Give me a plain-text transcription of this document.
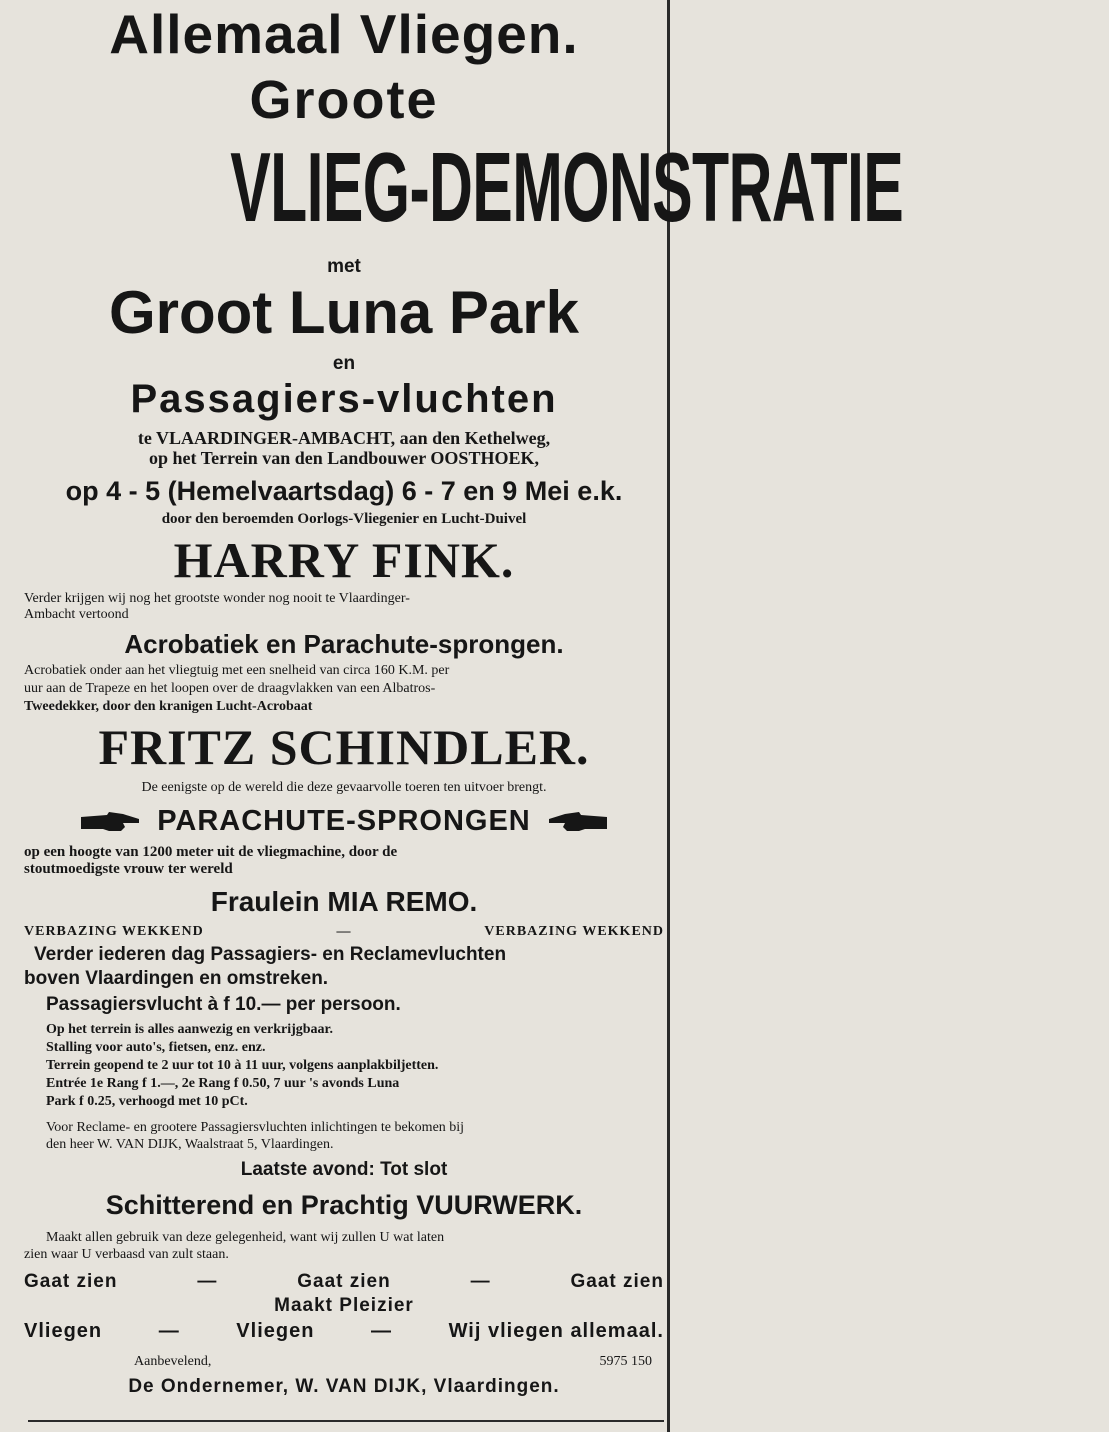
Allemaal Vliegen.
Groote
VLIEG-DEMONSTRATIE
met
Groot Luna Park
en
Passagiers-vluchten
te VLAARDINGER-AMBACHT, aan den Kethelweg,
op het Terrein van den Landbouwer OOSTHOEK,
op 4 - 5 (Hemelvaartsdag) 6 - 7 en 9 Mei e.k.
door den beroemden Oorlogs-Vliegenier en Lucht-Duivel
HARRY FINK.
Verder krijgen wij nog het grootste wonder nog nooit te Vlaardinger-
Ambacht vertoond
Acrobatiek en Parachute-sprongen.
Acrobatiek onder aan het vliegtuig met een snelheid van circa 160 K.M. per
uur aan de Trapeze en het loopen over de draagvlakken van een Albatros-
Tweedekker, door den kranigen Lucht-Acrobaat
FRITZ SCHINDLER.
De eenigste op de wereld die deze gevaarvolle toeren ten uitvoer brengt.
PARACHUTE-SPRONGEN
op een hoogte van 1200 meter uit de vliegmachine, door de
stoutmoedigste vrouw ter wereld
Fraulein MIA REMO.
VERBAZING WEKKEND	—	VERBAZING WEKKEND
Verder iederen dag Passagiers- en Reclamevluchten
boven Vlaardingen en omstreken.
Passagiersvlucht à f 10.— per persoon.
Op het terrein is alles aanwezig en verkrijgbaar.
Stalling voor auto's, fietsen, enz. enz.
Terrein geopend te 2 uur tot 10 à 11 uur, volgens aanplakbiljetten.
Entrée 1e Rang f 1.—, 2e Rang f 0.50, 7 uur 's avonds Luna
Park f 0.25, verhoogd met 10 pCt.
Voor Reclame- en grootere Passagiersvluchten inlichtingen te bekomen bij
den heer W. VAN DIJK, Waalstraat 5, Vlaardingen.
Laatste avond: Tot slot
Schitterend en Prachtig VUURWERK.
Maakt allen gebruik van deze gelegenheid, want wij zullen U wat laten
zien waar U verbaasd van zult staan.
Gaat zien	—	Gaat zien	—	Gaat zien
Maakt Pleizier
Vliegen	—	Vliegen	—	Wij vliegen allemaal.
Aanbevelend,	5975 150
De Ondernemer, W. VAN DIJK, Vlaardingen.
